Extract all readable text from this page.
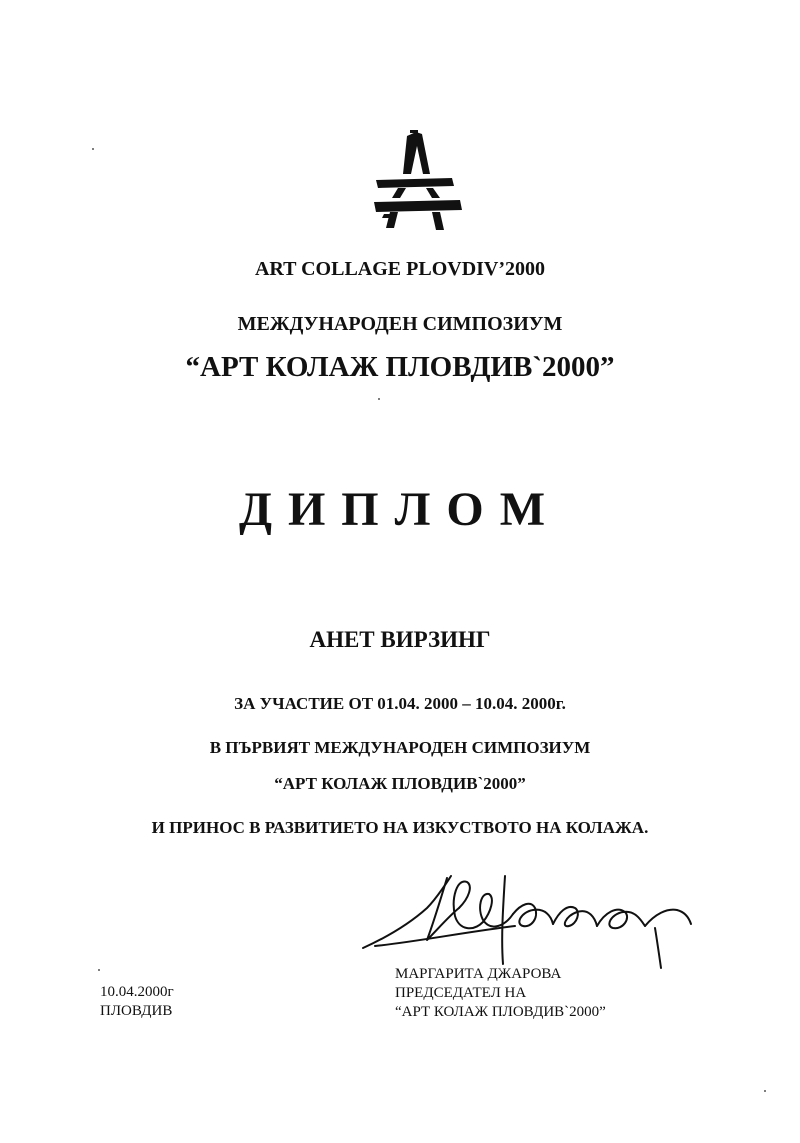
ART COLLAGE PLOVDIV’2000
МЕЖДУНАРОДЕН СИМПОЗИУМ
“АРТ КОЛАЖ ПЛОВДИВ`2000”
ДИПЛОМ
АНЕТ ВИРЗИНГ
ЗА УЧАСТИЕ ОТ 01.04. 2000 – 10.04. 2000г.
В ПЪРВИЯТ МЕЖДУНАРОДЕН СИМПОЗИУМ
“АРТ КОЛАЖ ПЛОВДИВ`2000”
И ПРИНОС В РАЗВИТИЕТО НА ИЗКУСТВОТО НА КОЛАЖА.
10.04.2000г
ПЛОВДИВ
МАРГАРИТА ДЖАРОВА
ПРЕДСЕДАТЕЛ НА
“АРТ КОЛАЖ ПЛОВДИВ`2000”
